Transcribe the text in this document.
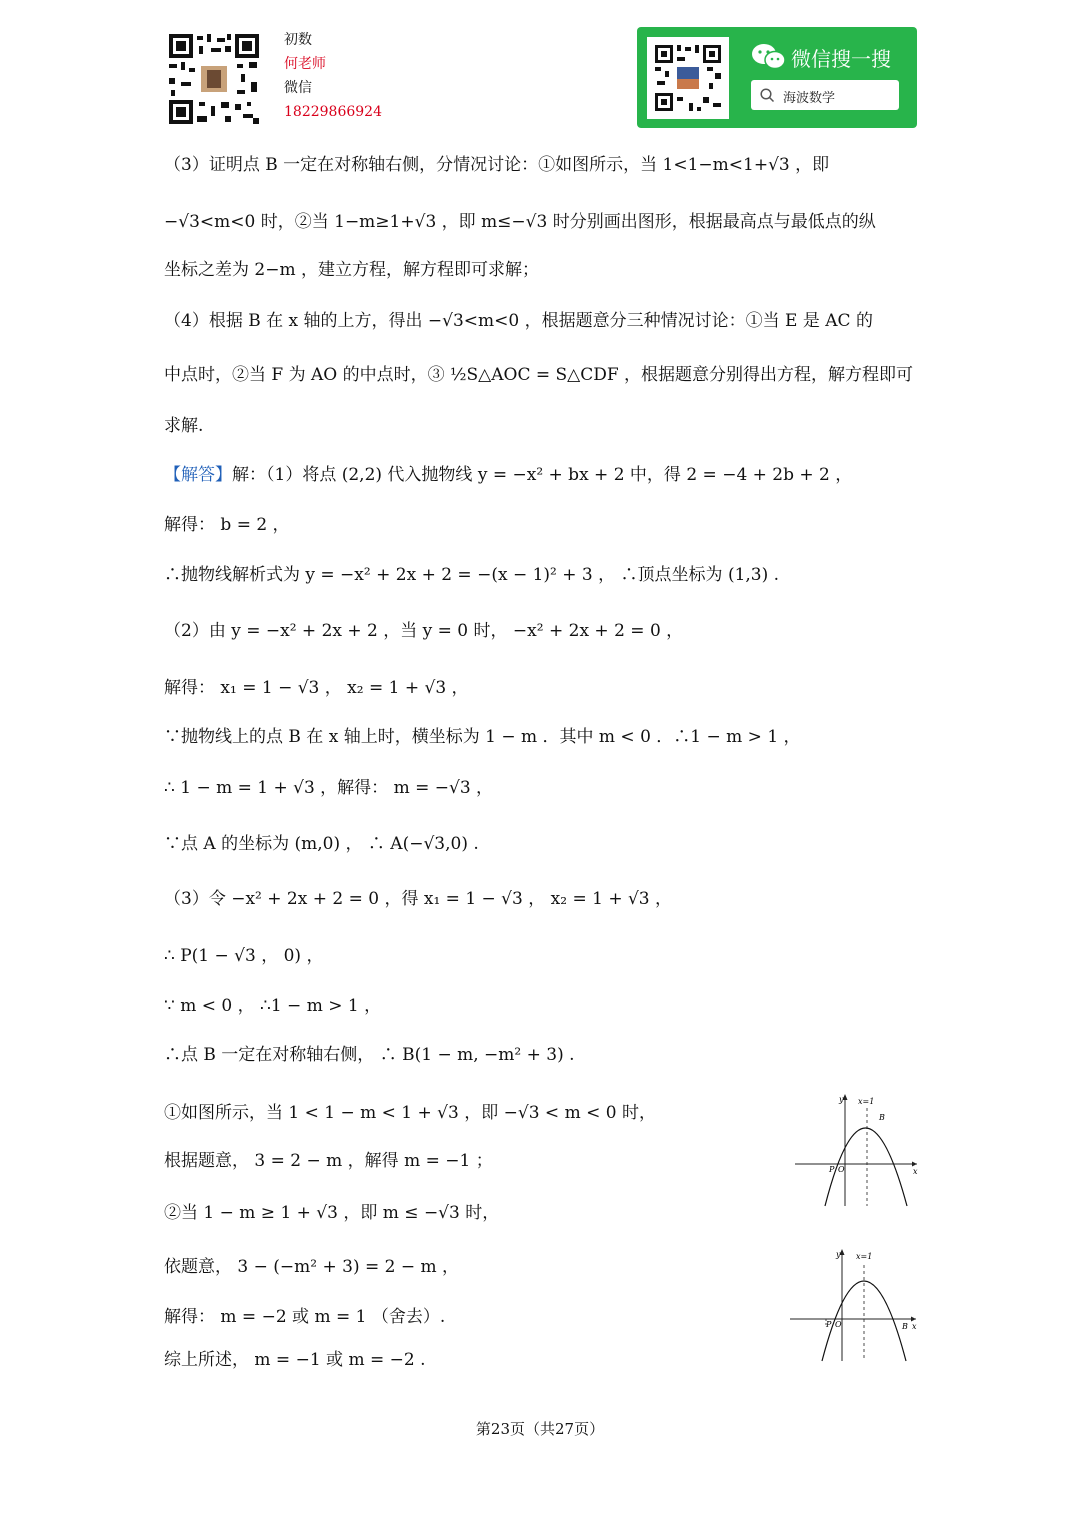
初数
何老师
微信
18229866924
微信搜一搜
海波数学
（3）证明点 B 一定在对称轴右侧，分情况讨论：①如图所示，当 1<1−m<1+√3 ，即
−√3<m<0 时，②当 1−m≥1+√3 ，即 m≤−√3 时分别画出图形，根据最高点与最低点的纵
坐标之差为 2−m ，建立方程，解方程即可求解；
（4）根据 B 在 x 轴的上方，得出 −√3<m<0 ，根据题意分三种情况讨论：①当 E 是 AC 的
中点时，②当 F 为 AO 的中点时，③ ½S△AOC = S△CDF ，根据题意分别得出方程，解方程即可
求解.
【解答】解：（1）将点 (2,2) 代入抛物线 y = −x² + bx + 2 中，得 2 = −4 + 2b + 2 ，
解得： b = 2 ，
∴抛物线解析式为 y = −x² + 2x + 2 = −(x − 1)² + 3 ， ∴顶点坐标为 (1,3) .
（2）由 y = −x² + 2x + 2 ，当 y = 0 时， −x² + 2x + 2 = 0 ，
解得： x₁ = 1 − √3 ， x₂ = 1 + √3 ，
∵抛物线上的点 B 在 x 轴上时，横坐标为 1 − m ．其中 m < 0 ．∴1 − m > 1 ，
∴ 1 − m = 1 + √3 ，解得： m = −√3 ，
∵点 A 的坐标为 (m,0) ， ∴ A(−√3,0) .
（3）令 −x² + 2x + 2 = 0 ，得 x₁ = 1 − √3 ， x₂ = 1 + √3 ，
∴ P(1 − √3 ， 0) ，
∵ m < 0 ， ∴1 − m > 1 ，
∴点 B 一定在对称轴右侧， ∴ B(1 − m, −m² + 3) .
①如图所示，当 1 < 1 − m < 1 + √3 ，即 −√3 < m < 0 时，
根据题意， 3 = 2 − m ，解得 m = −1 ；
②当 1 − m ≥ 1 + √3 ，即 m ≤ −√3 时，
依题意， 3 − (−m² + 3) = 2 − m ，
解得： m = −2 或 m = 1 （舍去）.
综上所述， m = −1 或 m = −2 .
y
x
x=1
P O
B
y
x
x=1
P O	B
第23页（共27页）
